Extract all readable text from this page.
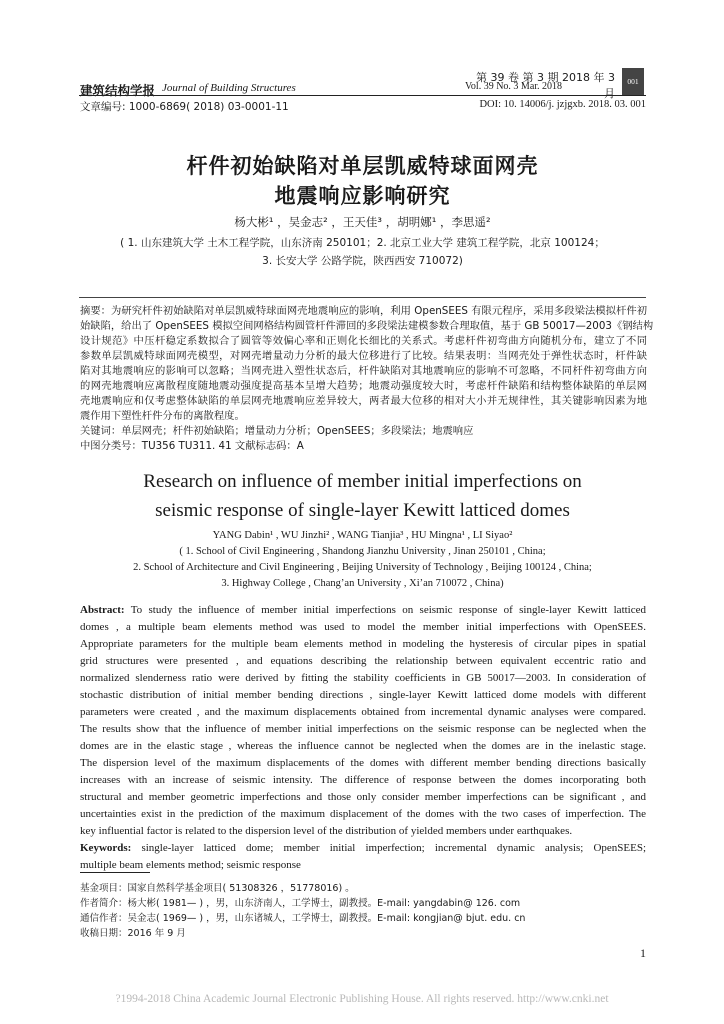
第 39 卷 第 3 期 2018 年 3 月
建筑结构学报 Journal of Building Structures	Vol. 39 No. 3 Mar. 2018	001
文章编号: 1000-6869( 2018) 03-0001-11	DOI: 10. 14006/j. jzjgxb. 2018. 03. 001
杆件初始缺陷对单层凯威特球面网壳
地震响应影响研究
杨大彬¹ ，吴金志² ，王天佳³ ，胡明娜¹ ，李思遥²
( 1. 山东建筑大学 土木工程学院，山东济南 250101；2. 北京工业大学 建筑工程学院，北京 100124；
3. 长安大学 公路学院，陕西西安 710072)
摘要：为研究杆件初始缺陷对单层凯威特球面网壳地震响应的影响，利用 OpenSEES 有限元程序，采用多段梁法模拟杆件初
始缺陷，给出了 OpenSEES 模拟空间网格结构圆管杆件滞回的多段梁法建模参数合理取值，基于 GB 50017—2003《钢结构
设计规范》中压杆稳定系数拟合了圆管等效偏心率和正则化长细比的关系式。考虑杆件初弯曲方向随机分布，建立了不同
参数单层凯威特球面网壳模型，对网壳增量动力分析的最大位移进行了比较。结果表明：当网壳处于弹性状态时，杆件缺
陷对其地震响应的影响可以忽略；当网壳进入塑性状态后，杆件缺陷对其地震响应的影响不可忽略，不同杆件初弯曲方向
的网壳地震响应离散程度随地震动强度提高基本呈增大趋势；地震动强度较大时，考虑杆件缺陷和结构整体缺陷的单层网
壳地震响应和仅考虑整体缺陷的单层网壳地震响应差异较大，两者最大位移的相对大小并无规律性，其关键影响因素为地
震作用下塑性杆件分布的离散程度。
关键词：单层网壳；杆件初始缺陷；增量动力分析；OpenSEES；多段梁法；地震响应
中图分类号：TU356 TU311. 41 文献标志码：A
Research on influence of member initial imperfections on
seismic response of single-layer Kewitt latticed domes
YANG Dabin¹ , WU Jinzhi² , WANG Tianjia³ , HU Mingna¹ , LI Siyao²
( 1. School of Civil Engineering , Shandong Jianzhu University , Jinan 250101 , China;
2. School of Architecture and Civil Engineering , Beijing University of Technology , Beijing 100124 , China;
3. Highway College , Chang’an University , Xi’an 710072 , China)
Abstract: To study the influence of member initial imperfections on seismic response of single-layer Kewitt latticed
domes , a multiple beam elements method was used to model the member initial imperfections with OpenSEES.
Appropriate parameters for the multiple beam elements method in modeling the hysteresis of circular pipes in spatial
grid structures were presented , and equations describing the relationship between equivalent eccentric ratio and
normalized slenderness ratio were derived by fitting the stability coefficients in GB 50017—2003. In consideration of
stochastic distribution of initial member bending directions , single-layer Kewitt latticed dome models with different
parameters were created , and the maximum displacements obtained from incremental dynamic analyses were compared.
The results show that the influence of member initial imperfections on the seismic response can be neglected when the
domes are in the elastic stage , whereas the influence cannot be neglected when the domes are in the inelastic stage.
The dispersion level of the maximum displacements of the domes with different member bending directions basically
increases with an increase of seismic intensity. The difference of response between the domes incorporating both
structural and member geometric imperfections and those only consider member imperfections can be significant , and
uncertainties exist in the prediction of the maximum displacement of the domes with the two cases of imperfection. The
key influential factor is related to the dispersion level of the distribution of yielded members under earthquakes.
Keywords: single-layer latticed dome; member initial imperfection; incremental dynamic analysis; OpenSEES;
multiple beam elements method; seismic response
基金项目：国家自然科学基金项目( 51308326 ，51778016) 。
作者简介：杨大彬( 1981— ) ，男，山东济南人，工学博士，副教授。E-mail: yangdabin@ 126. com
通信作者：吴金志( 1969— ) ，男，山东诸城人，工学博士，副教授。E-mail: kongjian@ bjut. edu. cn
收稿日期：2016 年 9 月
1
?1994-2018 China Academic Journal Electronic Publishing House. All rights reserved. http://www.cnki.net
